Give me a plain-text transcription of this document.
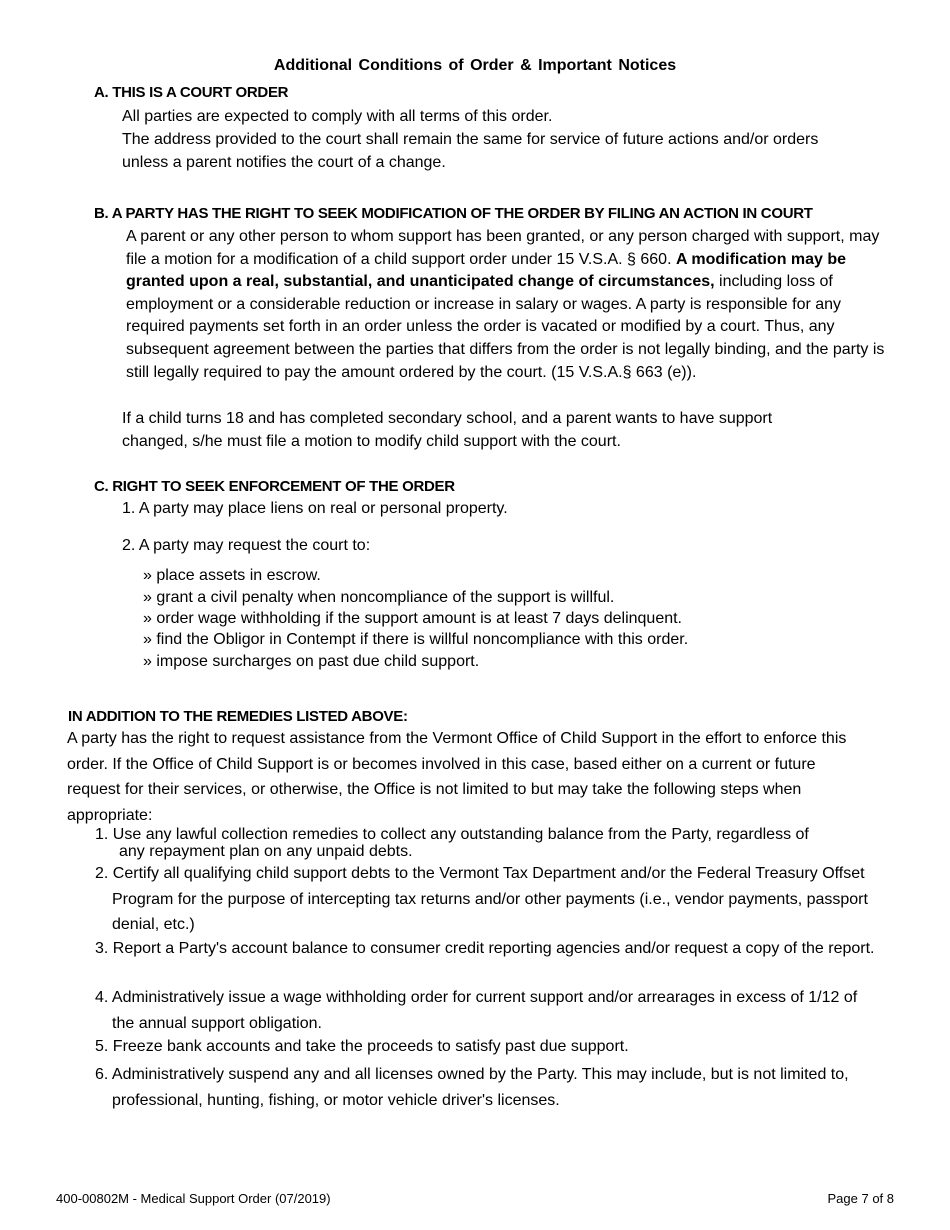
Additional Conditions of Order & Important Notices
A. THIS IS A COURT ORDER
All parties are expected to comply with all terms of this order.
The address provided to the court shall remain the same for service of future actions and/or orders unless a parent notifies the court of a change.
B. A PARTY HAS THE RIGHT TO SEEK MODIFICATION OF THE ORDER BY FILING AN ACTION IN COURT
A parent or any other person to whom support has been granted, or any person charged with support, may file a motion for a modification of a child support order under 15 V.S.A. § 660. A modification may be granted upon a real, substantial, and unanticipated change of circumstances, including loss of employment or a considerable reduction or increase in salary or wages. A party is responsible for any required payments set forth in an order unless the order is vacated or modified by a court. Thus, any subsequent agreement between the parties that differs from the order is not legally binding, and the party is still legally required to pay the amount ordered by the court. (15 V.S.A.§ 663 (e)).
If a child turns 18 and has completed secondary school, and a parent wants to have support changed, s/he must file a motion to modify child support with the court.
C. RIGHT TO SEEK ENFORCEMENT OF THE ORDER
1. A party may place liens on real or personal property.
2. A party may request the court to:
» place assets in escrow.
» grant a civil penalty when noncompliance of the support is willful.
» order wage withholding if the support amount is at least 7 days delinquent.
» find the Obligor in Contempt if there is willful noncompliance with this order.
» impose surcharges on past due child support.
IN ADDITION TO THE REMEDIES LISTED ABOVE:
A party has the right to request assistance from the Vermont Office of Child Support in the effort to enforce this order. If the Office of Child Support is or becomes involved in this case, based either on a current or future request for their services, or otherwise, the Office is not limited to but may take the following steps when appropriate:
1. Use any lawful collection remedies to collect any outstanding balance from the Party, regardless of
any repayment plan on any unpaid debts.
2. Certify all qualifying child support debts to the Vermont Tax Department and/or the Federal Treasury Offset Program for the purpose of intercepting tax returns and/or other payments (i.e., vendor payments, passport denial, etc.)
3. Report a Party's account balance to consumer credit reporting agencies and/or request a copy of the report.
4. Administratively issue a wage withholding order for current support and/or arrearages in excess of 1/12 of the annual support obligation.
5. Freeze bank accounts and take the proceeds to satisfy past due support.
6. Administratively suspend any and all licenses owned by the Party. This may include, but is not limited to, professional, hunting, fishing, or motor vehicle driver's licenses.
400-00802M - Medical Support Order (07/2019)	Page 7 of 8
